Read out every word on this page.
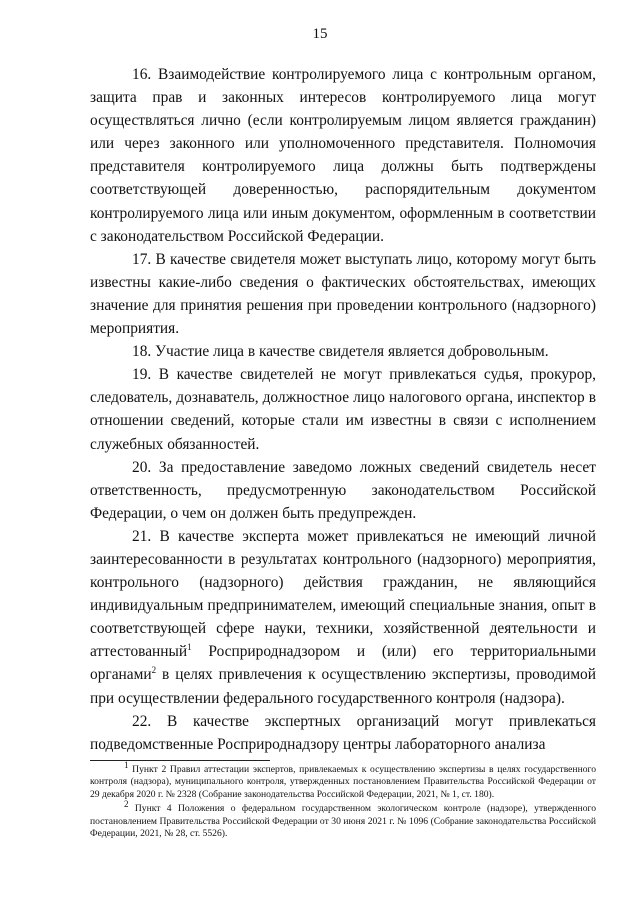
15

16. Взаимодействие контролируемого лица с контрольным органом, защита прав и законных интересов контролируемого лица могут осуществляться лично (если контролируемым лицом является гражданин) или через законного или уполномоченного представителя. Полномочия представителя контролируемого лица должны быть подтверждены соответствующей доверенностью, распорядительным документом контролируемого лица или иным документом, оформленным в соответствии с законодательством Российской Федерации.

17. В качестве свидетеля может выступать лицо, которому могут быть известны какие-либо сведения о фактических обстоятельствах, имеющих значение для принятия решения при проведении контрольного (надзорного) мероприятия.

18. Участие лица в качестве свидетеля является добровольным.

19. В качестве свидетелей не могут привлекаться судья, прокурор, следователь, дознаватель, должностное лицо налогового органа, инспектор в отношении сведений, которые стали им известны в связи с исполнением служебных обязанностей.

20. За предоставление заведомо ложных сведений свидетель несет ответственность, предусмотренную законодательством Российской Федерации, о чем он должен быть предупрежден.

21. В качестве эксперта может привлекаться не имеющий личной заинтересованности в результатах контрольного (надзорного) мероприятия, контрольного (надзорного) действия гражданин, не являющийся индивидуальным предпринимателем, имеющий специальные знания, опыт в соответствующей сфере науки, техники, хозяйственной деятельности и аттестованный$^1$ Росприроднадзором и (или) его территориальными органами$^2$ в целях привлечения к осуществлению экспертизы, проводимой при осуществлении федерального государственного контроля (надзора).

22. В качестве экспертных организаций могут привлекаться подведомственные Росприроднадзору центры лабораторного анализа

$^1$ Пункт 2 Правил аттестации экспертов, привлекаемых к осуществлению экспертизы в целях государственного контроля (надзора), муниципального контроля, утвержденных постановлением Правительства Российской Федерации от 29 декабря 2020 г. № 2328 (Собрание законодательства Российской Федерации, 2021, № 1, ст. 180).

$^2$ Пункт 4 Положения о федеральном государственном экологическом контроле (надзоре), утвержденного постановлением Правительства Российской Федерации от 30 июня 2021 г. № 1096 (Собрание законодательства Российской Федерации, 2021, № 28, ст. 5526).
